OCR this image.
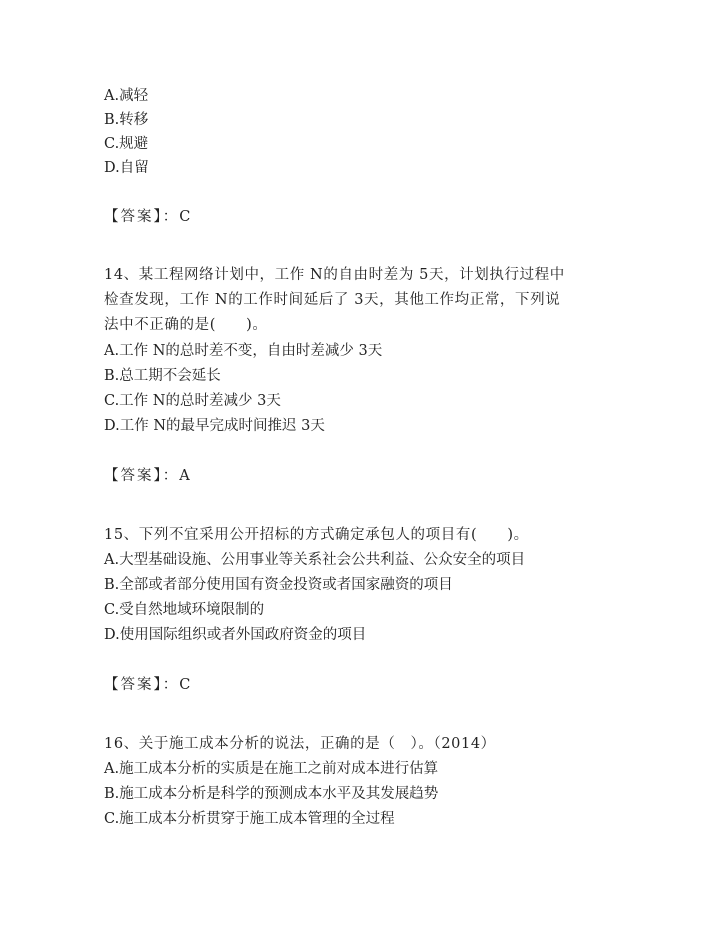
A.减轻
B.转移
C.规避
D.自留
【答案】：C
14、某工程网络计划中，工作 N的自由时差为 5天，计划执行过程中
检查发现，工作 N的工作时间延后了 3天，其他工作均正常，下列说
法中不正确的是(　　)。
A.工作 N的总时差不变，自由时差减少 3天
B.总工期不会延长
C.工作 N的总时差减少 3天
D.工作 N的最早完成时间推迟 3天
【答案】：A
15、下列不宜采用公开招标的方式确定承包人的项目有(　　)。
A.大型基础设施、公用事业等关系社会公共利益、公众安全的项目
B.全部或者部分使用国有资金投资或者国家融资的项目
C.受自然地域环境限制的
D.使用国际组织或者外国政府资金的项目
【答案】：C
16、关于施工成本分析的说法，正确的是（　）。（2014）
A.施工成本分析的实质是在施工之前对成本进行估算
B.施工成本分析是科学的预测成本水平及其发展趋势
C.施工成本分析贯穿于施工成本管理的全过程
